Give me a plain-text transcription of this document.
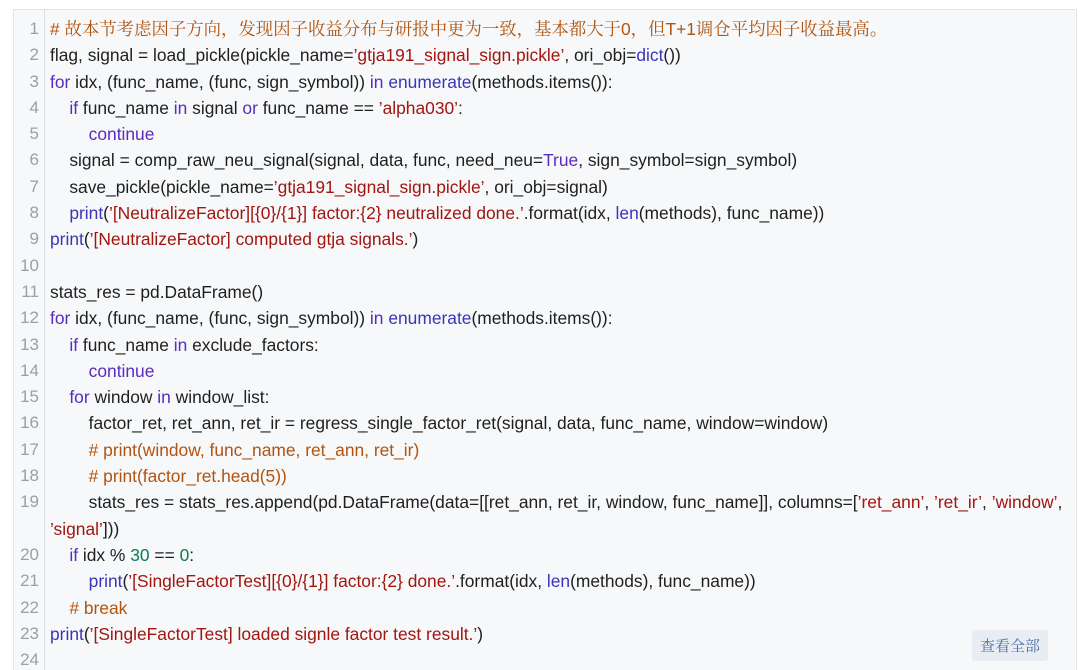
1 # 故本节考虑因子方向，发现因子收益分布与研报中更为一致，基本都大于0，但T+1调仓平均因子收益最高。
2 flag, signal = load_pickle(pickle_name=’gtja191_signal_sign.pickle’, ori_obj=dict())
3 for idx, (func_name, (func, sign_symbol)) in enumerate(methods.items()):
4	if func_name in signal or func_name == ’alpha030’:
5	continue
6 signal = comp_raw_neu_signal(signal, data, func, need_neu=True, sign_symbol=sign_symbol)
7 save_pickle(pickle_name=’gtja191_signal_sign.pickle’, ori_obj=signal)
8	print(’[NeutralizeFactor][{0}/{1}] factor:{2} neutralized done.’.format(idx, len(methods), func_name))
9 print(’[NeutralizeFactor] computed gtja signals.’)
10
11 stats_res = pd.DataFrame()
12 for idx, (func_name, (func, sign_symbol)) in enumerate(methods.items()):
13	if func_name in exclude_factors:
14	continue
15	for window in window_list:
16 factor_ret, ret_ann, ret_ir = regress_single_factor_ret(signal, data, func_name, window=window)
17	# print(window, func_name, ret_ann, ret_ir)
18	# print(factor_ret.head(5))
19 stats_res = stats_res.append(pd.DataFrame(data=[[ret_ann, ret_ir, window, func_name]], columns=[’ret_ann’, ’ret_ir’, ’window’, ’signal’]))
20	if idx % 30 == 0:
21	print(’[SingleFactorTest][{0}/{1}] factor:{2} done.’.format(idx, len(methods), func_name))
22	# break
23 print(’[SingleFactorTest] loaded signle factor test result.’)
24
查看全部
